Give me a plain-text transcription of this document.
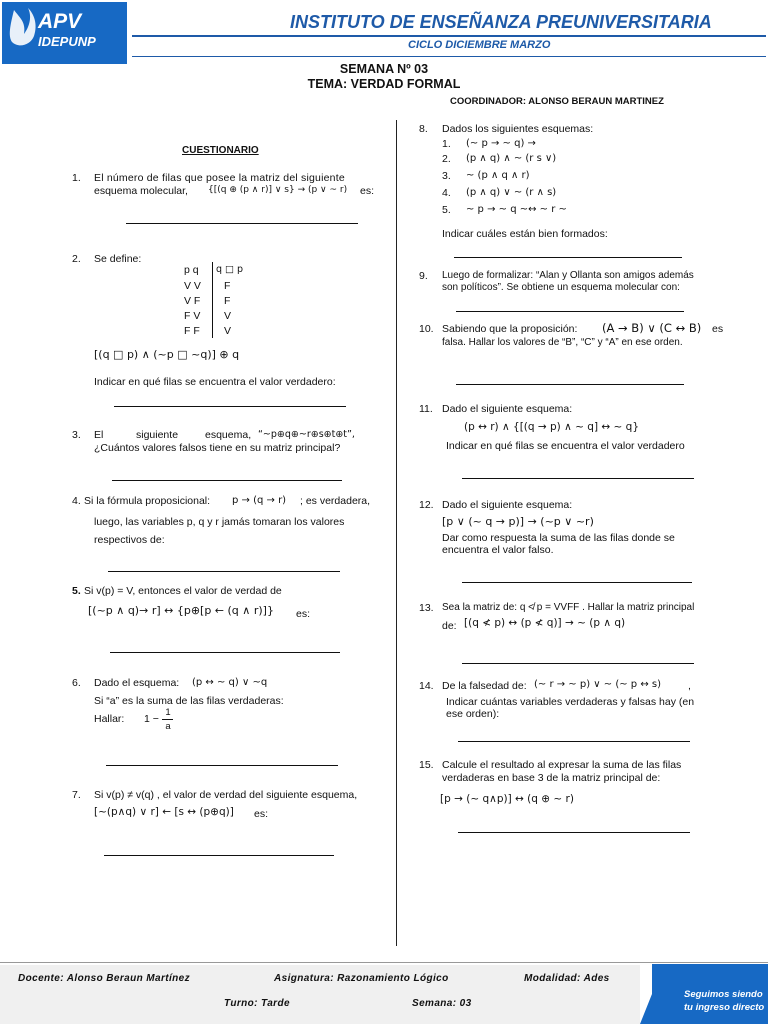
APV
IDEPUNP
INSTITUTO DE ENSEÑANZA PREUNIVERSITARIA
CICLO DICIEMBRE MARZO
SEMANA Nº 03
TEMA: VERDAD FORMAL
COORDINADOR: ALONSO BERAUN MARTINEZ
CUESTIONARIO
1. El número de filas que posee la matriz del siguiente
esquema molecular, {[(q ⊕ (p ∧ r)] ∨ s} → (p ∨ ~ r) es:
2. Se define:
p q	q □ p
V V	F
V F	F
F V	V
F F	V
[(q □ p) ∧ (~p □ ~q)] ⊕ q
Indicar en qué filas se encuentra el valor verdadero:
3. El	siguiente	esquema, “~p⊕q⊕~r⊕s⊕t⊕t”,
¿Cuántos valores falsos tiene en su matriz principal?
4. Si la fórmula proposicional: p → (q → r) ; es verdadera,
luego, las variables p, q y r jamás tomaran los valores
respectivos de:
5. Si v(p) = V, entonces el valor de verdad de
[(~p ∧ q)→ r] ↔ {p⊕[p ← (q ∧ r)]} es:
6. Dado el esquema: (p ↔ ~ q) ∨ ~q
Si “a” es la suma de las filas verdaderas:
Hallar: 1 −
1
a
7. Si v(p) ≠ v(q) , el valor de verdad del siguiente esquema,
[~(p∧q) ∨ r] ← [s ↔ (p⊕q)] es:
8. Dados los siguientes esquemas:
1. (~ p → ~ q) →
2. (p ∧ q) ∧ ~ (r s ∨)
3. ~ (p ∧ q ∧ r)
4. (p ∧ q) ∨ ~ (r ∧ s)
5. ~ p → ~ q ~↔ ~ r ~
Indicar cuáles están bien formados:
9. Luego de formalizar: “Alan y Ollanta son amigos además
son políticos”. Se obtiene un esquema molecular con:
10. Sabiendo que la proposición: (A → B) ∨ (C ↔ B) es
falsa. Hallar los valores de “B”, “C” y “A” en ese orden.
11. Dado el siguiente esquema:
(p ↔ r) ∧ {[(q → p) ∧ ~ q] ↔ ~ q}
Indicar en qué filas se encuentra el valor verdadero
12. Dado el siguiente esquema:
[p ∨ (~ q → p)] → (~p ∨ ~r)
Dar como respuesta la suma de las filas donde se
encuentra el valor falso.
13. Sea la matriz de: q ≮ p = VVFF . Hallar la matriz principal
de: [(q ≮ p) ↔ (p ≮ q)] → ~ (p ∧ q)
14. De la falsedad de: (~ r → ~ p) ∨ ~ (~ p ↔ s)	,
Indicar cuántas variables verdaderas y falsas hay (en
ese orden):
15. Calcule el resultado al expresar la suma de las filas
verdaderas en base 3 de la matriz principal de:
[p → (~ q∧p)] ↔ (q ⊕ ~ r)
Docente: Alonso Beraun Martínez	Asignatura: Razonamiento Lógico	Modalidad: Ades
Turno: Tarde	Semana: 03
Seguimos siendo
tu ingreso directo
